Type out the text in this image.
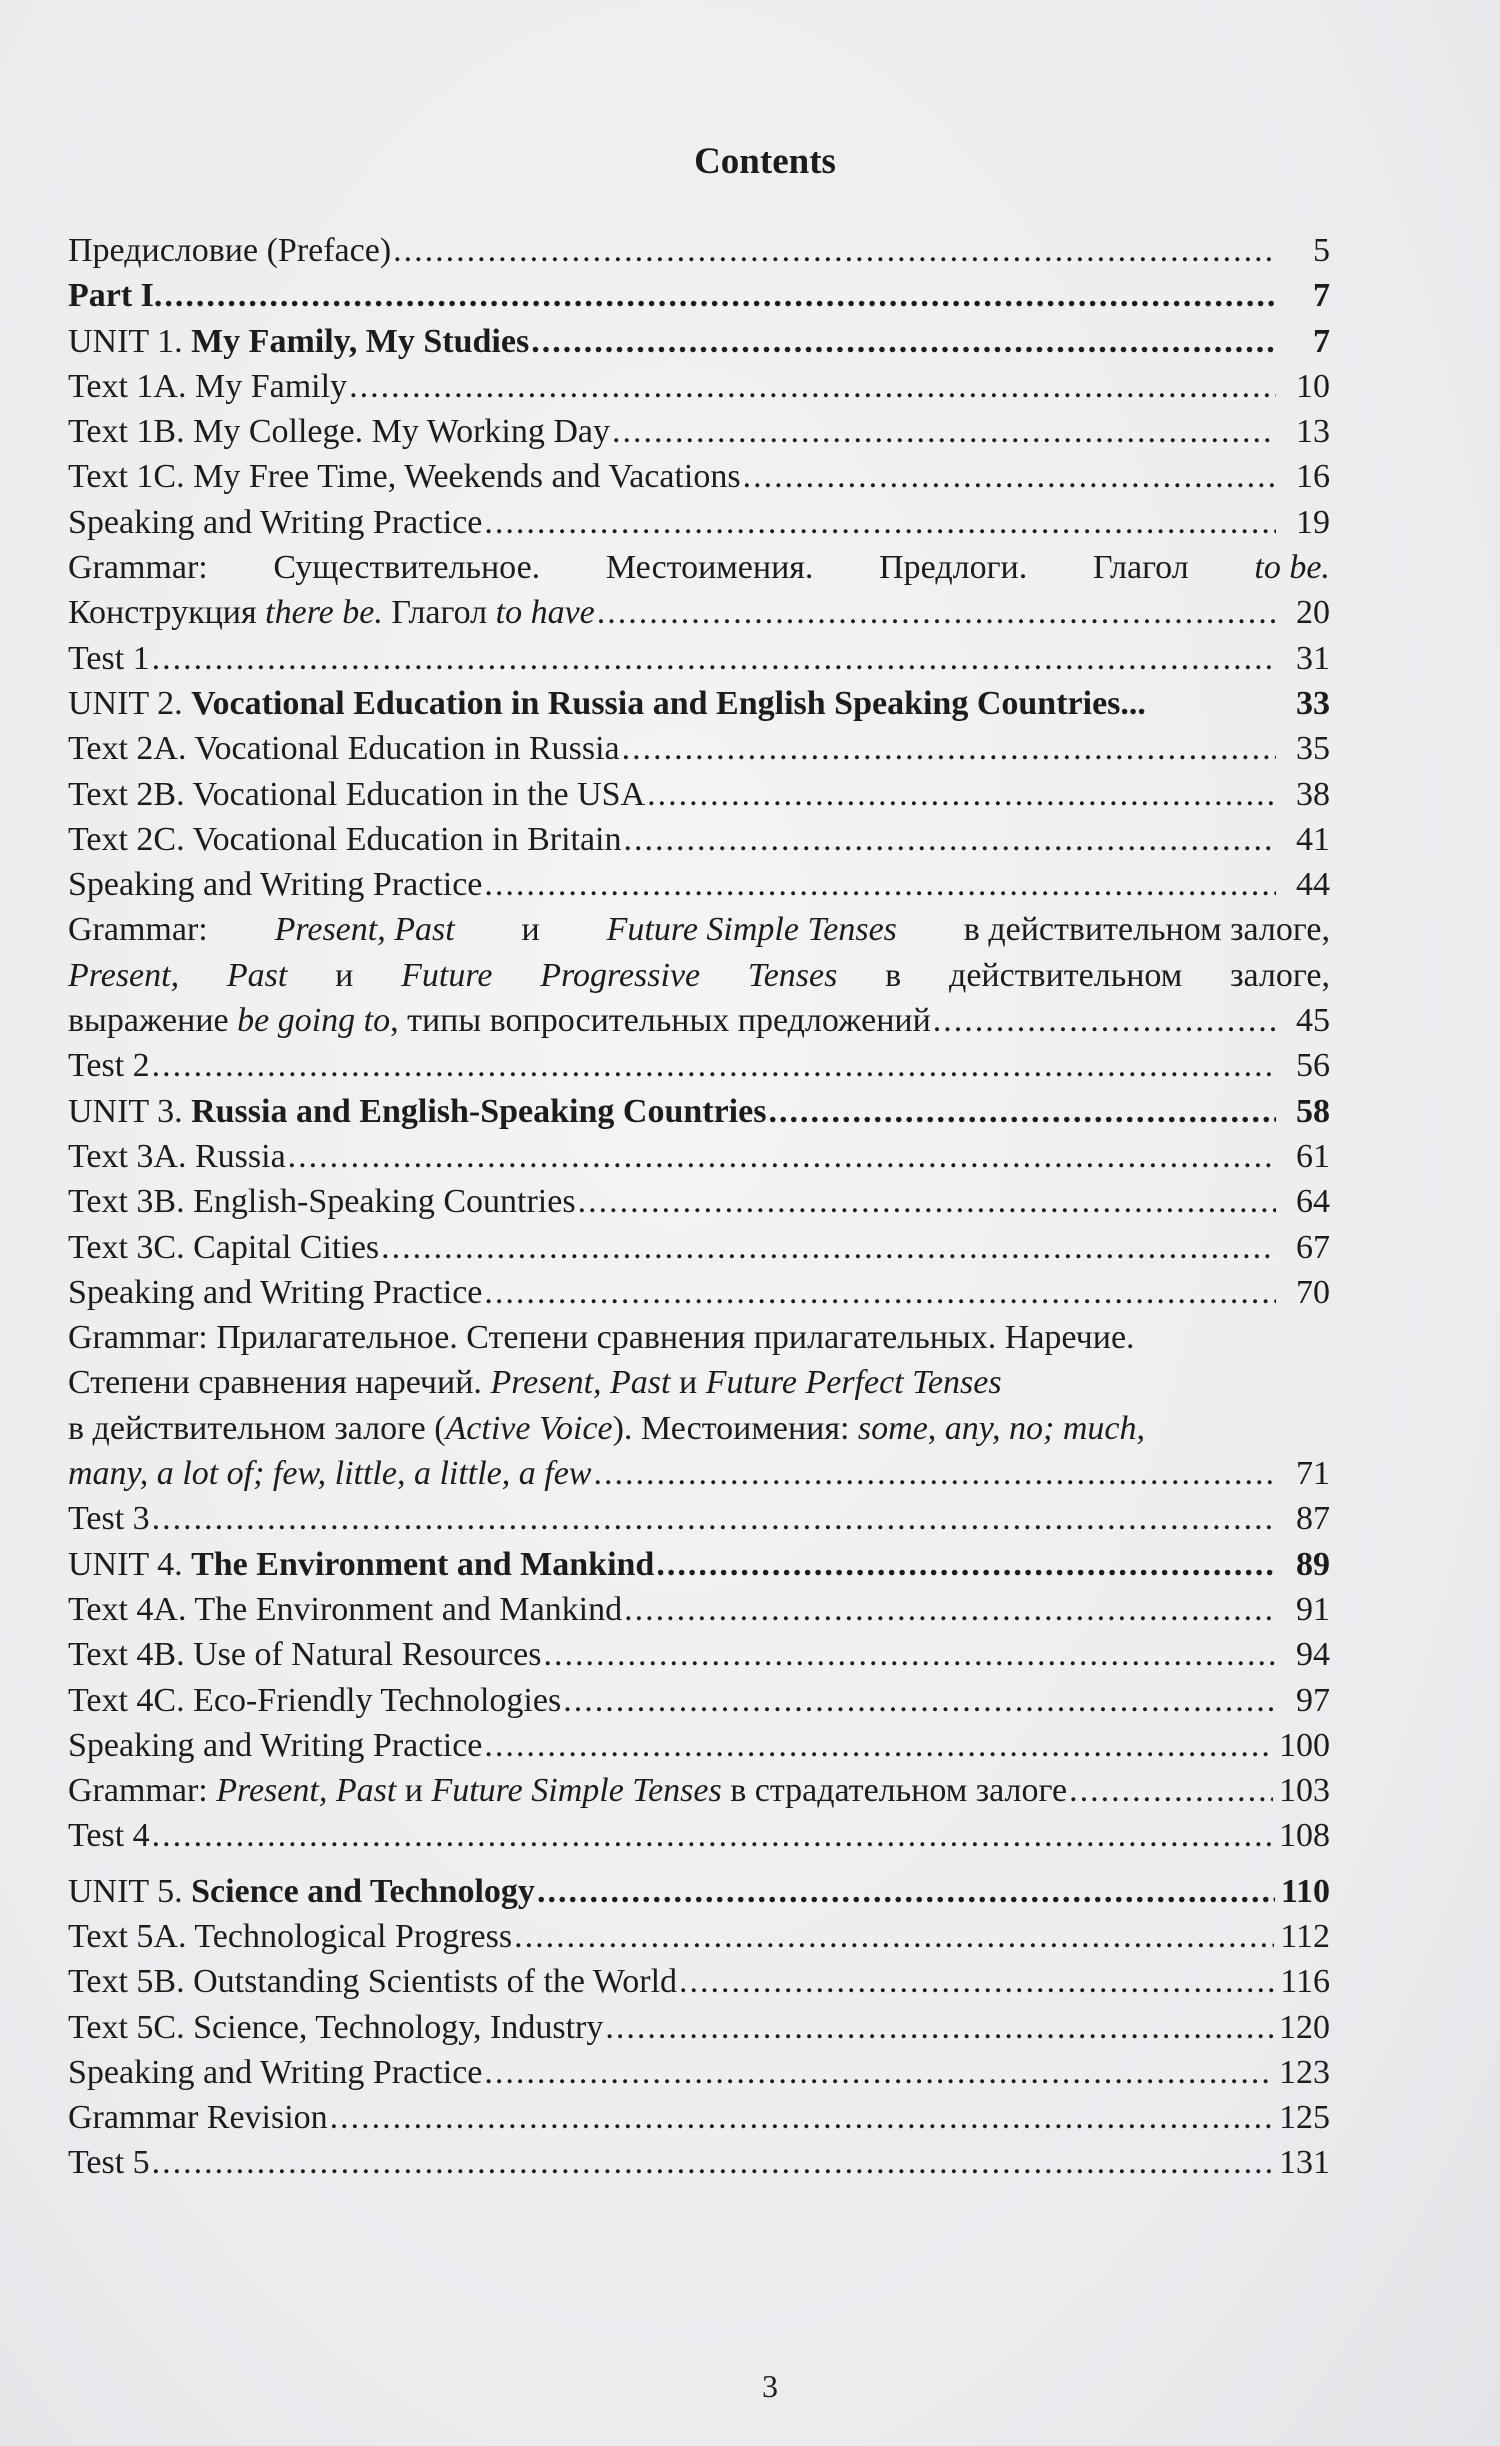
Contents
Предисловие (Preface) .....	5
Part I. .....	7
UNIT 1. My Family, My Studies .....	7
Text 1A. My Family .....	10
Text 1B. My College. My Working Day .....	13
Text 1C. My Free Time, Weekends and Vacations .....	16
Speaking and Writing Practice .....	19
Grammar: Существительное. Местоимения. Предлоги. Глагол to be.
Конструкция there be. Глагол to have .....	20
Test 1 .....	31
UNIT 2. Vocational Education in Russia and English Speaking Countries...	33
Text 2A. Vocational Education in Russia .....	35
Text 2B. Vocational Education in the USA .....	38
Text 2C. Vocational Education in Britain .....	41
Speaking and Writing Practice .....	44
Grammar: Present, Past и Future Simple Tenses в действительном залоге,
Present, Past и Future Progressive Tenses в действительном залоге,
выражение be going to, типы вопросительных предложений .....	45
Test 2 .....	56
UNIT 3. Russia and English-Speaking Countries .....	58
Text 3A. Russia .....	61
Text 3B. English-Speaking Countries .....	64
Text 3C. Capital Cities .....	67
Speaking and Writing Practice .....	70
Grammar: Прилагательное. Степени сравнения прилагательных. Наречие.
Степени сравнения наречий. Present, Past и Future Perfect Tenses
в действительном залоге (Active Voice). Местоимения: some, any, no; much,
many, a lot of; few, little, a little, a few .....	71
Test 3 .....	87
UNIT 4. The Environment and Mankind .....	89
Text 4A. The Environment and Mankind .....	91
Text 4B. Use of Natural Resources .....	94
Text 4C. Eco-Friendly Technologies .....	97
Speaking and Writing Practice .....	100
Grammar: Present, Past и Future Simple Tenses в страдательном залоге .....	103
Test 4 .....	108
UNIT 5. Science and Technology .....	110
Text 5A. Technological Progress .....	112
Text 5B. Outstanding Scientists of the World .....	116
Text 5C. Science, Technology, Industry .....	120
Speaking and Writing Practice .....	123
Grammar Revision .....	125
Test 5 .....	131
3
